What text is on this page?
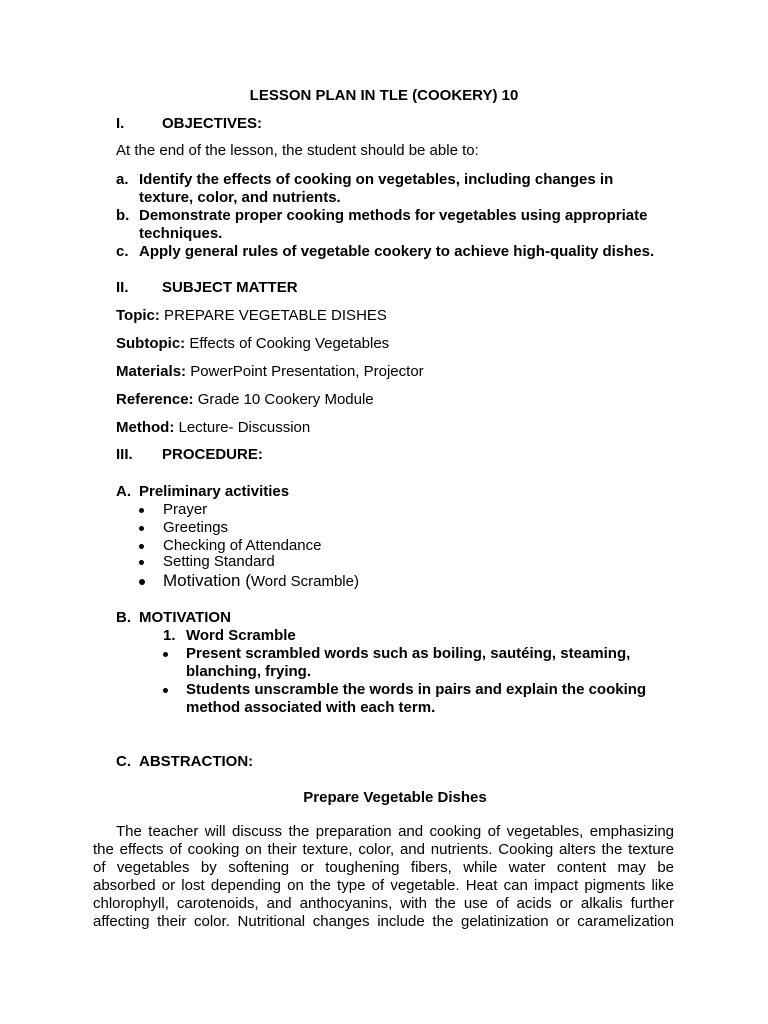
LESSON PLAN IN TLE (COOKERY) 10
I.	OBJECTIVES:
At the end of the lesson, the student should be able to:
a. Identify the effects of cooking on vegetables, including changes in
texture, color, and nutrients.
b. Demonstrate proper cooking methods for vegetables using appropriate
techniques.
c. Apply general rules of vegetable cookery to achieve high-quality dishes.
II. SUBJECT MATTER
Topic: PREPARE VEGETABLE DISHES
Subtopic: Effects of Cooking Vegetables
Materials: PowerPoint Presentation, Projector
Reference: Grade 10 Cookery Module
Method: Lecture- Discussion
III. PROCEDURE:
A. Preliminary activities
Prayer
Greetings
Checking of Attendance
Setting Standard
Motivation (Word Scramble)
B. MOTIVATION
1. Word Scramble
Present scrambled words such as boiling, sautéing, steaming,
blanching, frying.
Students unscramble the words in pairs and explain the cooking
method associated with each term.
C. ABSTRACTION:
Prepare Vegetable Dishes
The teacher will discuss the preparation and cooking of vegetables, emphasizing
the effects of cooking on their texture, color, and nutrients. Cooking alters the texture
of vegetables by softening or toughening fibers, while water content may be
absorbed or lost depending on the type of vegetable. Heat can impact pigments like
chlorophyll, carotenoids, and anthocyanins, with the use of acids or alkalis further
affecting their color. Nutritional changes include the gelatinization or caramelization
